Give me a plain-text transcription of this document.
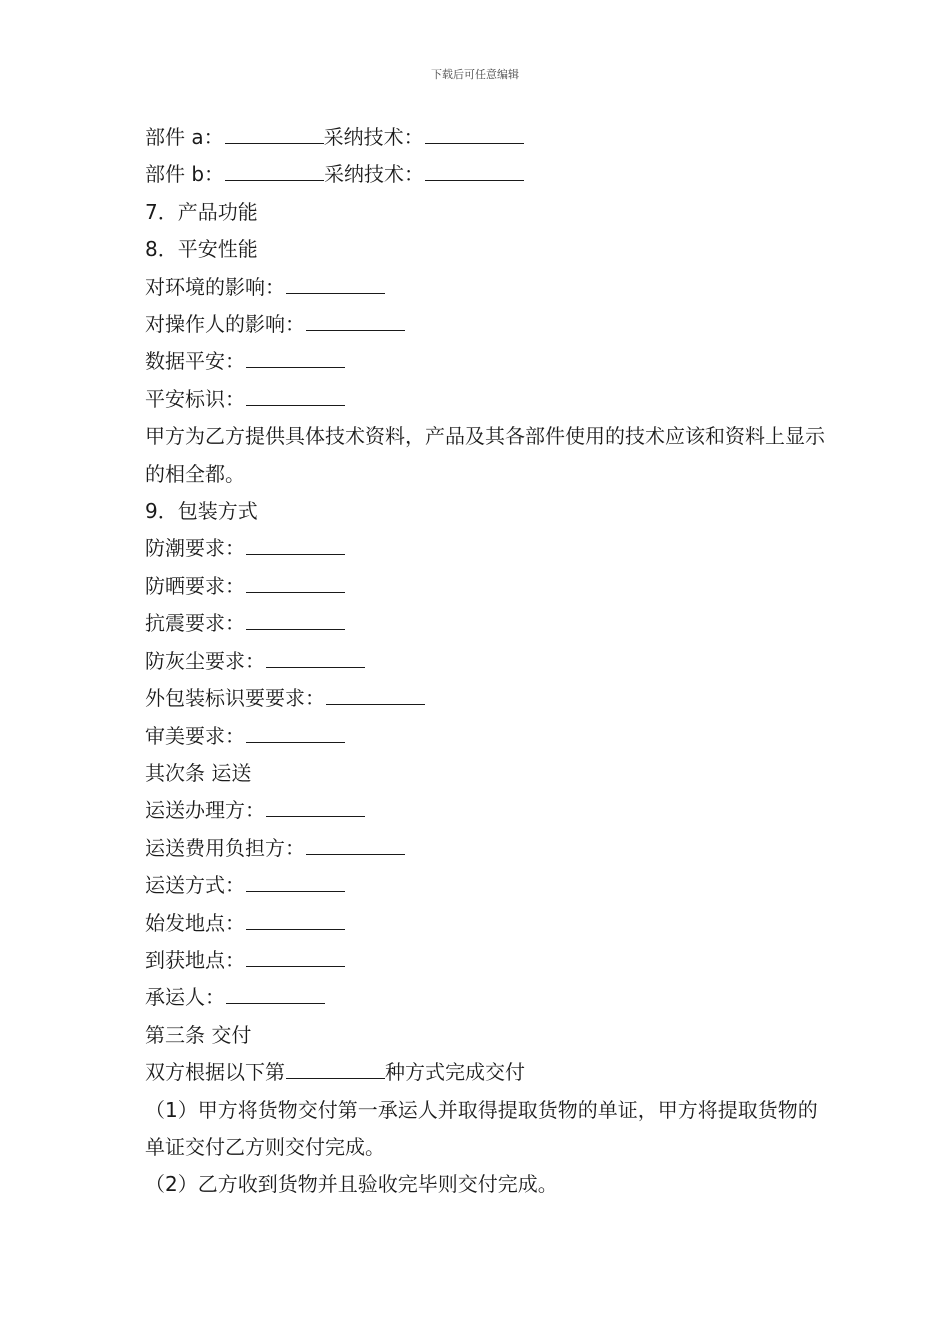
下载后可任意编辑
部件 a：	采纳技术：
部件 b：	采纳技术：
7．产品功能
8．平安性能
对环境的影响：
对操作人的影响：
数据平安：
平安标识：
甲方为乙方提供具体技术资料，产品及其各部件使用的技术应该和资料上显示的相全都。
9．包装方式
防潮要求：
防晒要求：
抗震要求：
防灰尘要求：
外包装标识要要求：
审美要求：
其次条 运送
运送办理方：
运送费用负担方：
运送方式：
始发地点：
到获地点：
承运人：
第三条 交付
双方根据以下第	种方式完成交付
（1）甲方将货物交付第一承运人并取得提取货物的单证，甲方将提取货物的单证交付乙方则交付完成。
（2）乙方收到货物并且验收完毕则交付完成。
